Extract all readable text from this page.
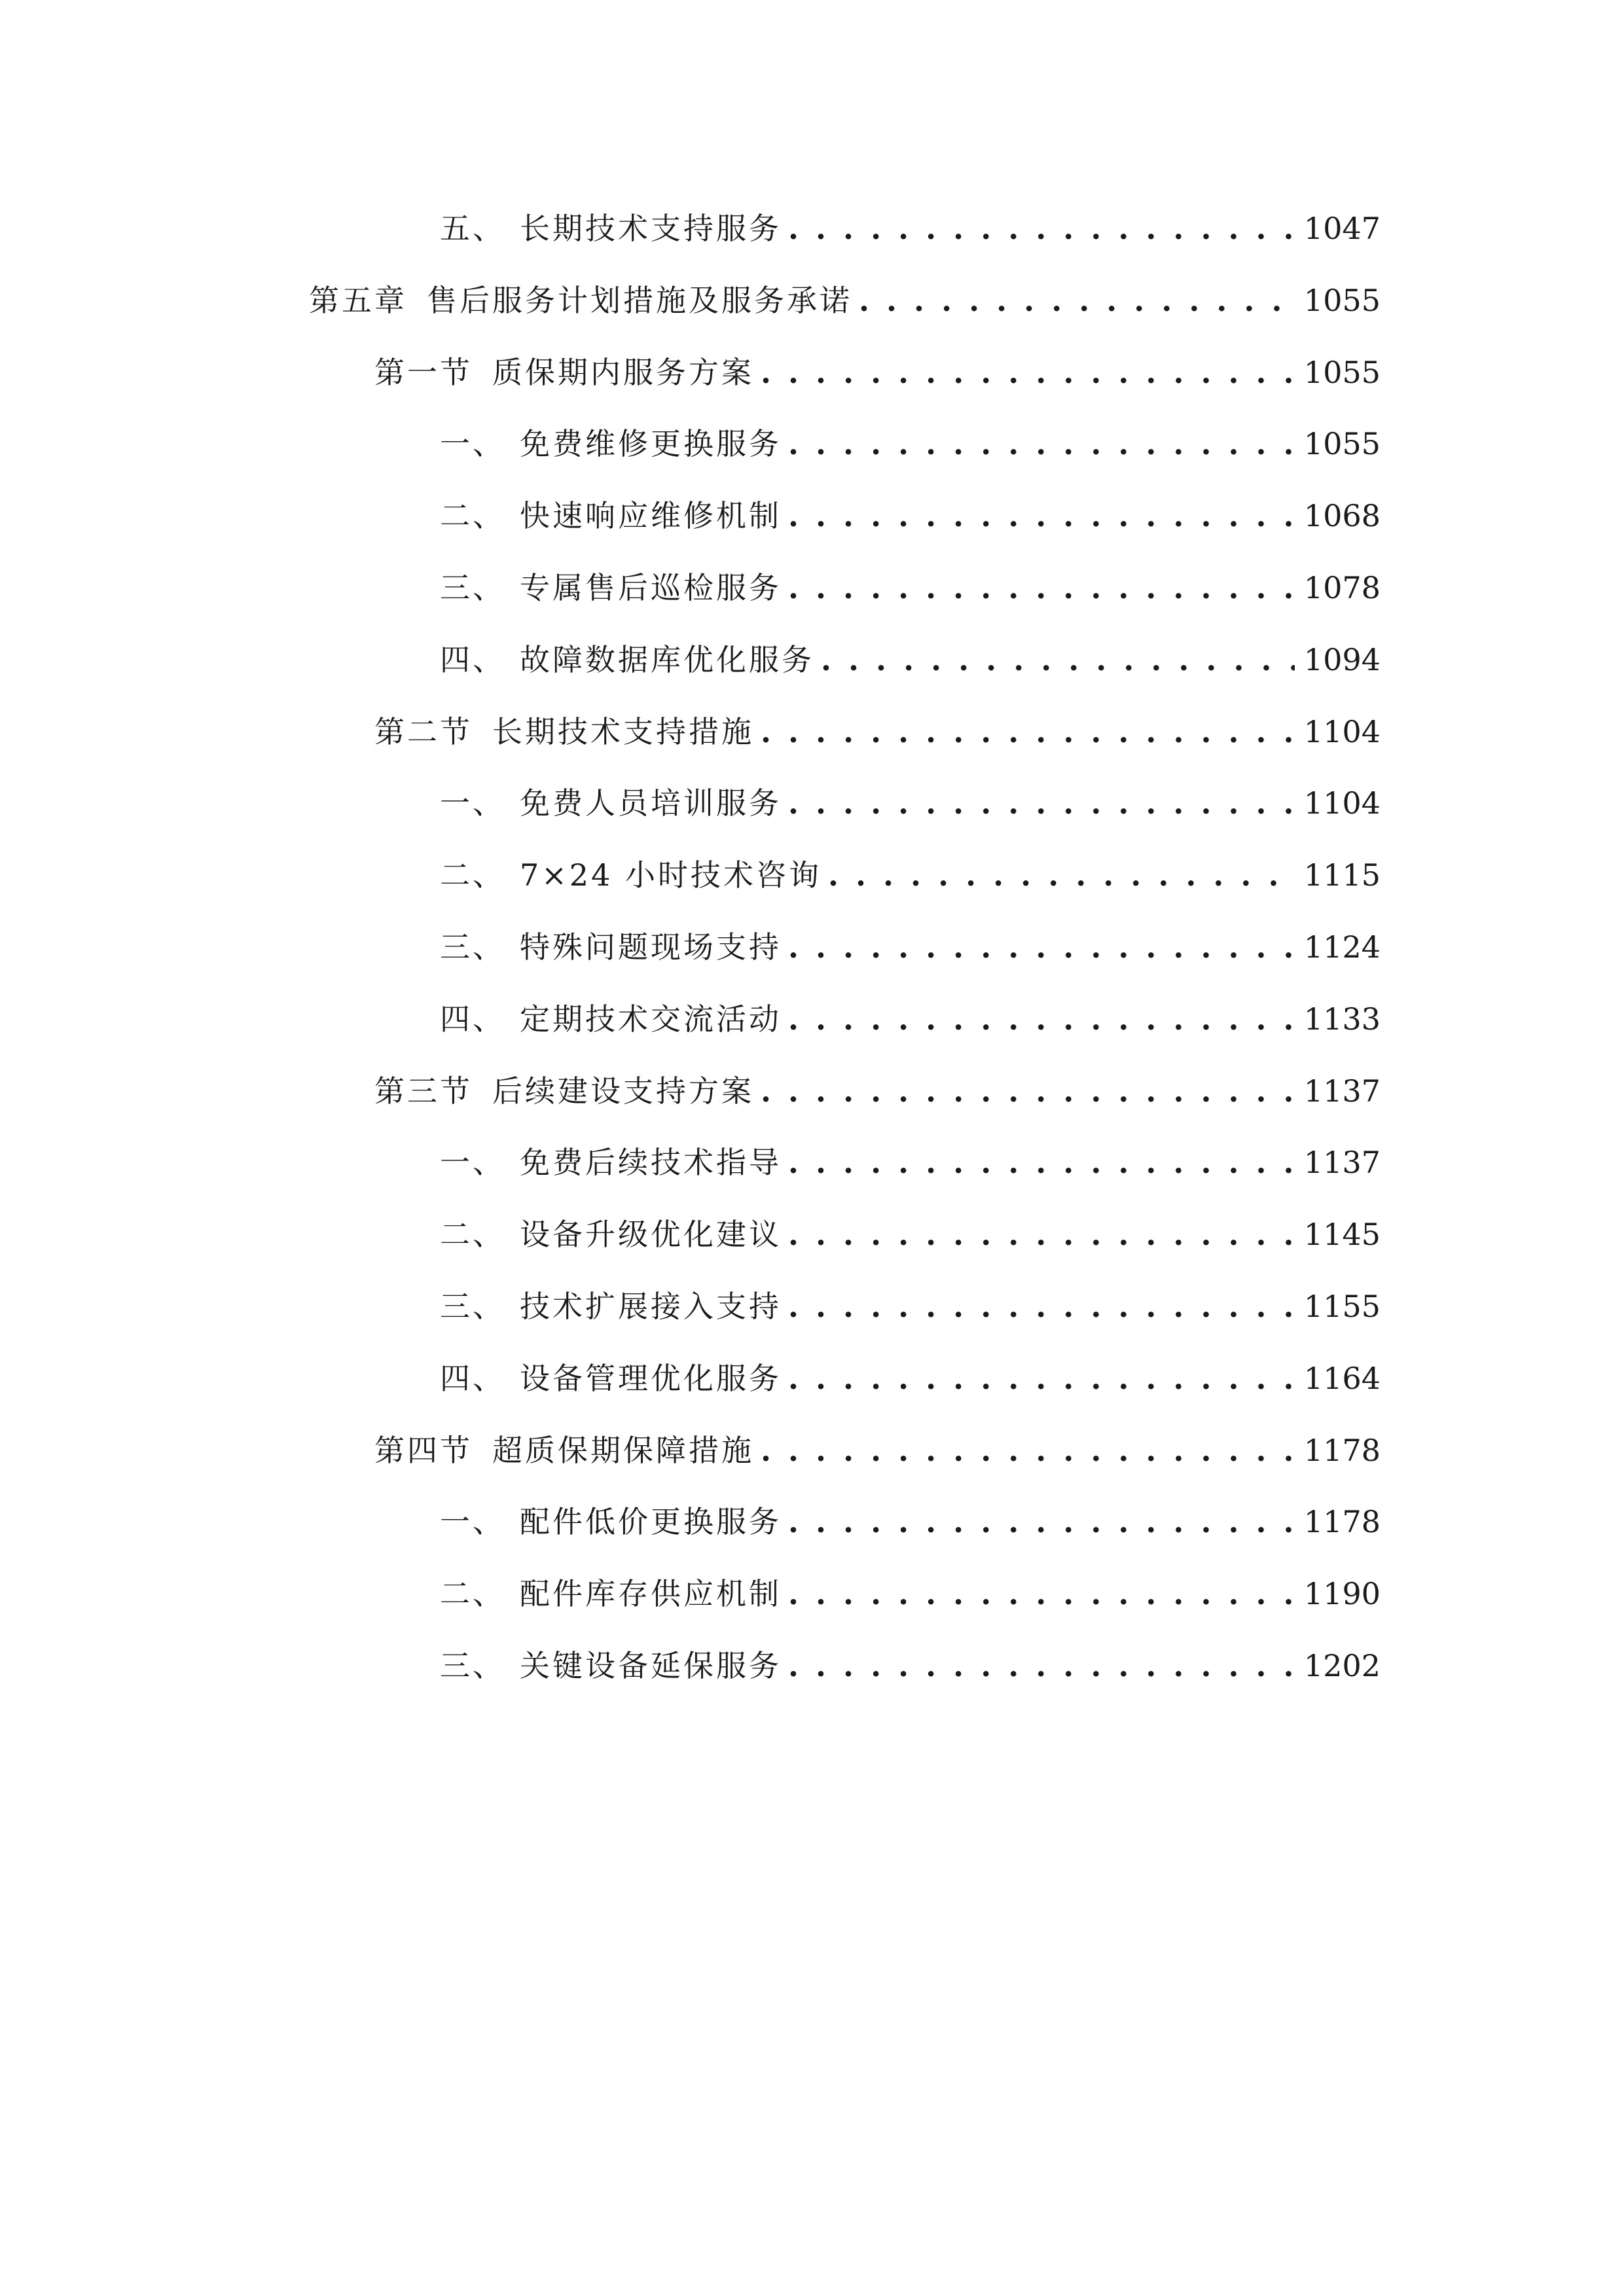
五、 长期技术支持服务 . . .	1047
第五章 售后服务计划措施及服务承诺 . . .	1055
第一节 质保期内服务方案 . . .	1055
一、 免费维修更换服务 . . .	1055
二、 快速响应维修机制 . . .	1068
三、 专属售后巡检服务 . . .	1078
四、 故障数据库优化服务 . . .	1094
第二节 长期技术支持措施 . . .	1104
一、 免费人员培训服务 . . .	1104
二、 7×24 小时技术咨询 . . .	1115
三、 特殊问题现场支持 . . .	1124
四、 定期技术交流活动 . . .	1133
第三节 后续建设支持方案 . . .	1137
一、 免费后续技术指导 . . .	1137
二、 设备升级优化建议 . . .	1145
三、 技术扩展接入支持 . . .	1155
四、 设备管理优化服务 . . .	1164
第四节 超质保期保障措施 . . .	1178
一、 配件低价更换服务 . . .	1178
二、 配件库存供应机制 . . .	1190
三、 关键设备延保服务 . . .	1202
